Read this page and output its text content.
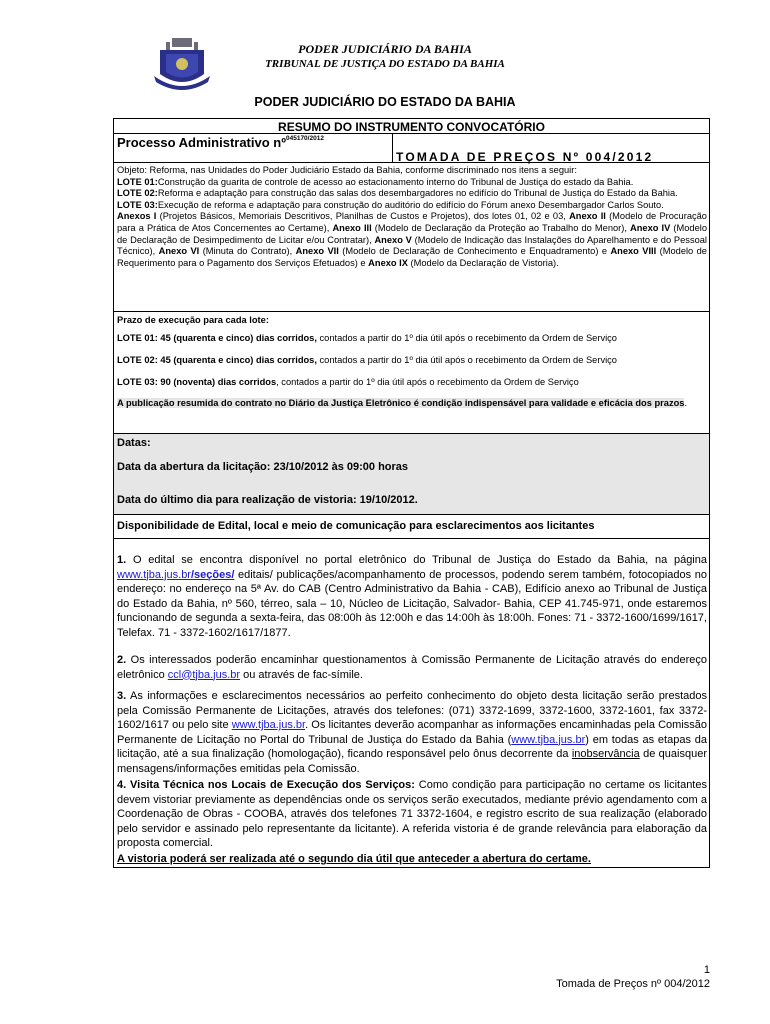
PODER JUDICIÁRIO DA BAHIA
TRIBUNAL DE JUSTIÇA DO ESTADO DA BAHIA
PODER JUDICIÁRIO DO ESTADO DA BAHIA
RESUMO DO INSTRUMENTO CONVOCATÓRIO
Processo Administrativo nº$^{045170/2012}$
TOMADA DE PREÇOS Nº 004/2012
Objeto: Reforma, nas Unidades do Poder Judiciário Estado da Bahia, conforme discriminado nos itens a seguir:
LOTE 01:Construção da guarita de controle de acesso ao estacionamento interno do Tribunal de Justiça do estado da Bahia.
LOTE 02:Reforma e adaptação para construção das salas dos desembargadores no edifício do Tribunal de Justiça do Estado da Bahia.
LOTE 03:Execução de reforma e adaptação para construção do auditório do edifício do Fórum anexo Desembargador Carlos Souto.
Anexos I (Projetos Básicos, Memoriais Descritivos, Planilhas de Custos e Projetos), dos lotes 01, 02 e 03, Anexo II (Modelo de Procuração para a Prática de Atos Concernentes ao Certame), Anexo III (Modelo de Declaração da Proteção ao Trabalho do Menor), Anexo IV (Modelo de Declaração de Desimpedimento de Licitar e/ou Contratar), Anexo V (Modelo de Indicação das Instalações do Aparelhamento e do Pessoal Técnico), Anexo VI (Minuta do Contrato), Anexo VII (Modelo de Declaração de Conhecimento e Enquadramento) e Anexo VIII (Modelo de Requerimento para o Pagamento dos Serviços Efetuados) e Anexo IX (Modelo da Declaração de Vistoria).
Prazo de execução para cada lote:
LOTE 01: 45 (quarenta e cinco) dias corridos, contados a partir do 1º dia útil após o recebimento da Ordem de Serviço
LOTE 02: 45 (quarenta e cinco) dias corridos, contados a partir do 1º dia útil após o recebimento da Ordem de Serviço
LOTE 03: 90 (noventa) dias corridos, contados a partir do 1º dia útil após o recebimento da Ordem de Serviço
A publicação resumida do contrato no Diário da Justiça Eletrônico é condição indispensável para validade e eficácia dos prazos.
Datas:
Data da abertura da licitação: 23/10/2012 às 09:00 horas
Data do último dia para realização de vistoria: 19/10/2012.
Disponibilidade de Edital, local e meio de comunicação para esclarecimentos aos licitantes
1. O edital se encontra disponível no portal eletrônico do Tribunal de Justiça do Estado da Bahia, na página www.tjba.jus.br/seções/ editais/ publicações/acompanhamento de processos, podendo serem também, fotocopiados no endereço: no endereço na 5ª Av. do CAB (Centro Administrativo da Bahia - CAB), Edifício anexo ao Tribunal de Justiça do Estado da Bahia, nº 560, térreo, sala – 10, Núcleo de Licitação, Salvador- Bahia, CEP 41.745-971, onde estaremos funcionando de segunda a sexta-feira, das 08:00h às 12:00h e das 14:00h às 18:00h. Fones: 71 - 3372-1600/1699/1617, Telefax. 71 - 3372-1602/1617/1877.
2. Os interessados poderão encaminhar questionamentos à Comissão Permanente de Licitação através do endereço eletrônico ccl@tjba.jus.br ou através de fac-símile.
3. As informações e esclarecimentos necessários ao perfeito conhecimento do objeto desta licitação serão prestados pela Comissão Permanente de Licitações, através dos telefones: (071) 3372-1699, 3372-1600, 3372-1601, fax 3372-1602/1617 ou pelo site www.tjba.jus.br. Os licitantes deverão acompanhar as informações encaminhadas pela Comissão Permanente de Licitação no Portal do Tribunal de Justiça do Estado da Bahia (www.tjba.jus.br) em todas as etapas da licitação, até a sua finalização (homologação), ficando responsável pelo ônus decorrente da inobservância de quaisquer mensagens/informações emitidas pela Comissão.
4. Visita Técnica nos Locais de Execução dos Serviços: Como condição para participação no certame os licitantes devem vistoriar previamente as dependências onde os serviços serão executados, mediante prévio agendamento com a Coordenação de Obras - COOBA, através dos telefones 71 3372-1604, e registro escrito de sua realização (elaborado pelo servidor e assinado pelo representante da licitante). A referida vistoria é de grande relevância para elaboração da proposta comercial.
A vistoria poderá ser realizada até o segundo dia útil que anteceder a abertura do certame.
1
Tomada de Preços nº 004/2012
